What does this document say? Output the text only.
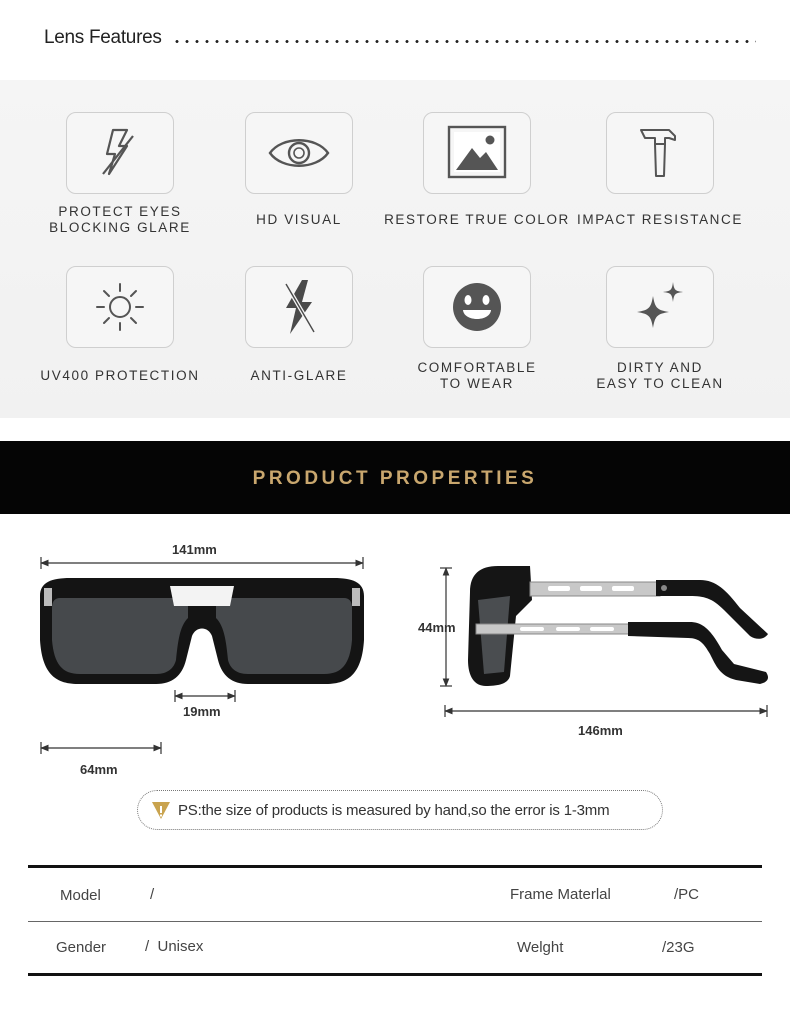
Lens Features
PROTECT EYES
BLOCKING GLARE
HD VISUAL	RESTORE TRUE COLOR IMPACT RESISTANCE
UV400 PROTECTION	ANTI-GLARE
COMFORTABLE
TO WEAR
DIRTY AND
EASY TO CLEAN
PRODUCT PROPERTIES
141mm
19mm
64mm
44mm
146mm
PS:the size of products is measured by hand,so the error is 1-3mm
Model	/	Frame Materlal	/PC
Gender	/  Unisex	Welght	/23G
